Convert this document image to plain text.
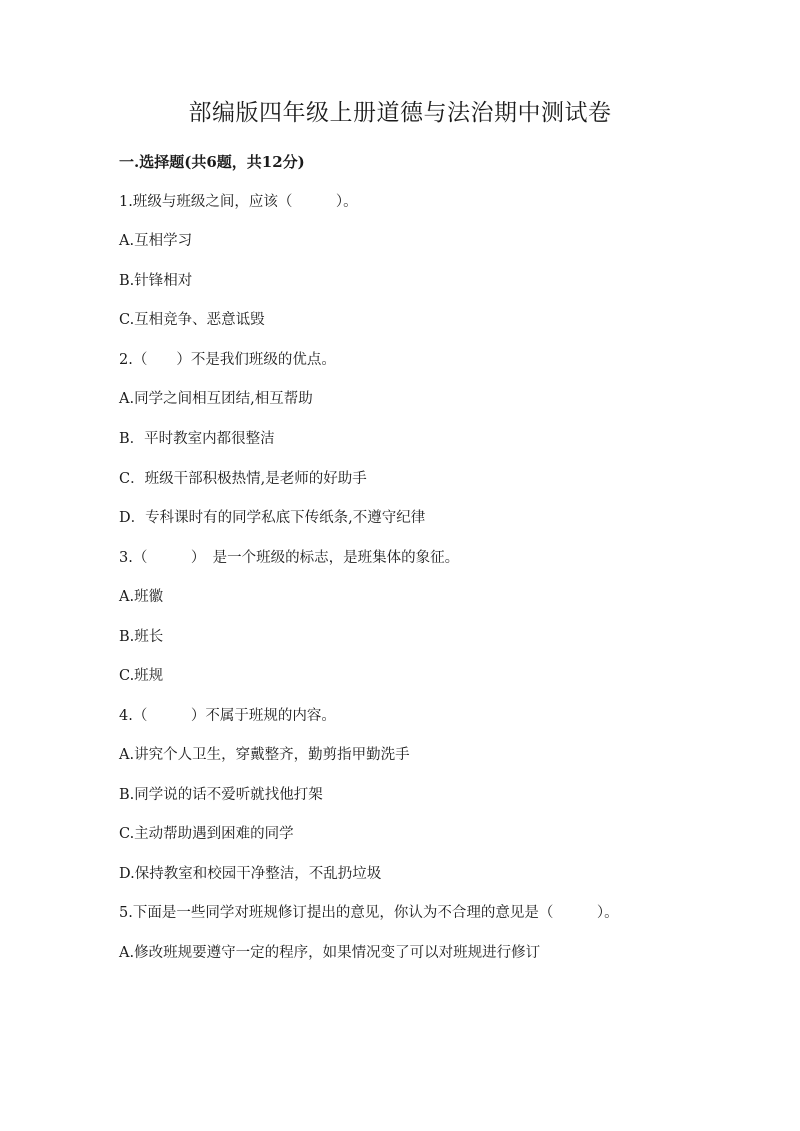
部编版四年级上册道德与法治期中测试卷
一.选择题(共6题，共12分)
1.班级与班级之间，应该（　　　）。
A.互相学习
B.针锋相对
C.互相竞争、恶意诋毁
2.（　　）不是我们班级的优点。
A.同学之间相互团结,相互帮助
B．平时教室内都很整洁
C．班级干部积极热情,是老师的好助手
D．专科课时有的同学私底下传纸条,不遵守纪律
3.（　　　）　是一个班级的标志，是班集体的象征。
A.班徽
B.班长
C.班规
4.（　　　）不属于班规的内容。
A.讲究个人卫生，穿戴整齐，勤剪指甲勤洗手
B.同学说的话不爱听就找他打架
C.主动帮助遇到困难的同学
D.保持教室和校园干净整洁，不乱扔垃圾
5.下面是一些同学对班规修订提出的意见，你认为不合理的意见是（　　　）。
A.修改班规要遵守一定的程序，如果情况变了可以对班规进行修订
